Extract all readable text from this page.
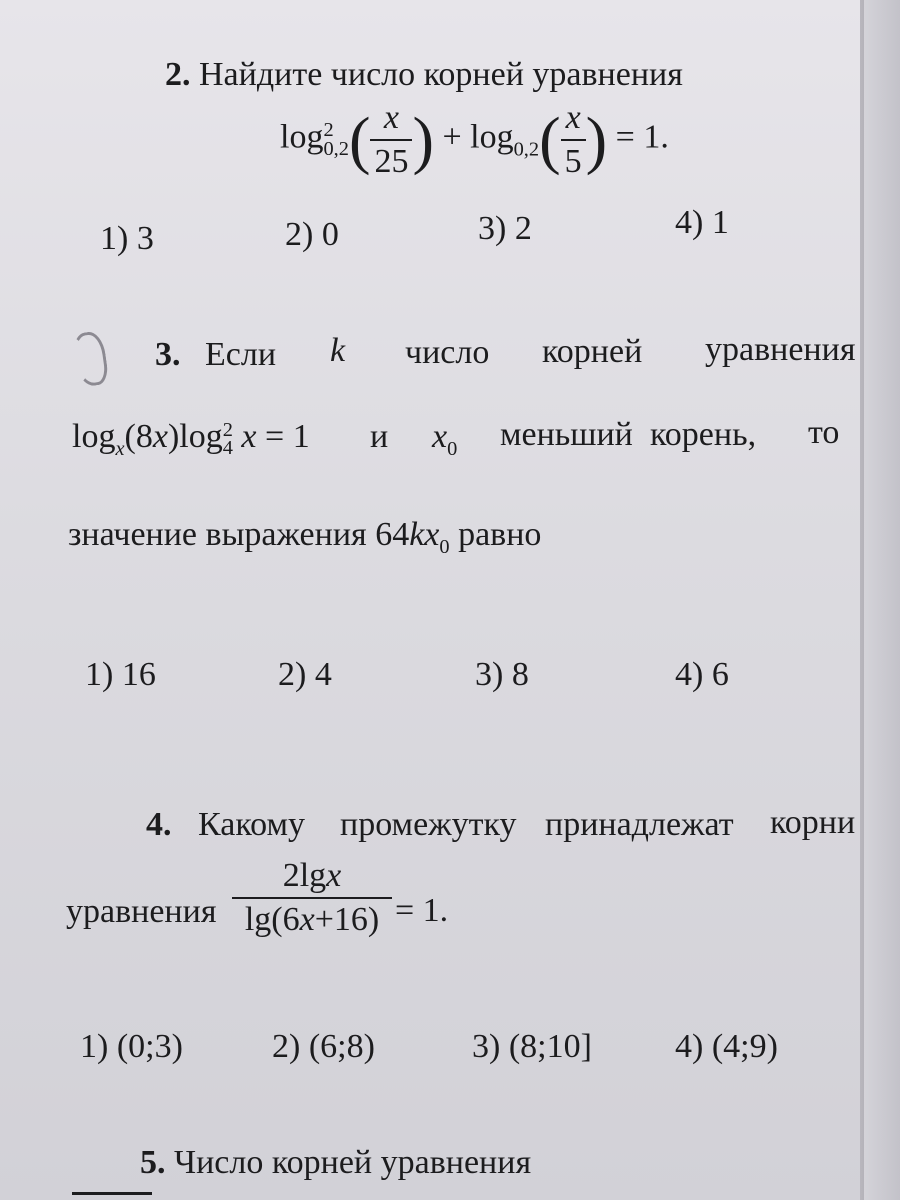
2. Найдите число корней уравнения
log 2
0,2 ( $\frac{x}{25}$ ) + $\log_{0,2}( \frac{x}{5}$ ) = 1.
1) 3	2) 0	3) 2	4) 1
3. Если k число корней уравнения
$\log_x(8x)\log$ 2
4 x = 1 и $x_0$ меньший корень, то
значение выражения $64kx_0$ равно
1) 16	2) 4	3) 8	4) 6
4. Какому промежутку принадлежат корни
уравнения $\frac{2\lg x}{\lg(6x+16)} = 1$.
1) (0;3)	2) (6;8)	3) (8;10] 4) (4;9)
5. Число корней уравнения
